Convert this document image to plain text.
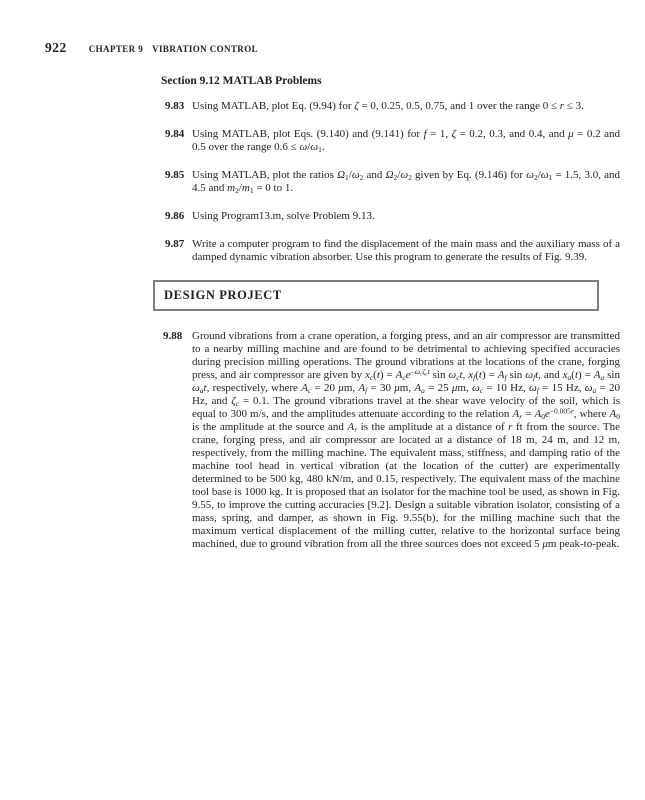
922 CHAPTER 9 VIBRATION CONTROL
Section 9.12 MATLAB Problems
9.83 Using MATLAB, plot Eq. (9.94) for ζ = 0, 0.25, 0.5, 0.75, and 1 over the range 0 ≤ r ≤ 3.
9.84 Using MATLAB, plot Eqs. (9.140) and (9.141) for f = 1, ζ = 0.2, 0.3, and 0.4, and μ = 0.2 and 0.5 over the range $0.6 \le \omega/\omega_1$.
9.85 Using MATLAB, plot the ratios $\Omega_1/\omega_2$ and $\Omega_2/\omega_2$ given by Eq. (9.146) for $\omega_2/\omega_1 = 1.5$, 3.0, and 4.5 and $m_2/m_1 = 0$ to 1.
9.86 Using Program13.m, solve Problem 9.13.
9.87 Write a computer program to find the displacement of the main mass and the auxiliary mass of a damped dynamic vibration absorber. Use this program to generate the results of Fig. 9.39.
DESIGN PROJECT
9.88 Ground vibrations from a crane operation, a forging press, and an air compressor are transmitted to a nearby milling machine and are found to be detrimental to achieving specified accuracies during precision milling operations. The ground vibrations at the locations of the crane, forging press, and air compressor are given by $x_c(t) = A_ce^{-\omega_c\zeta_ct}$ $\sin \omega_ct$, $x_f(t) = A_f$ $\sin \omega_ft$, and $x_a(t) = A_a$ $\sin \omega_at$, respectively, where $A_c = 20$ μm, $A_f = 30$ μm, $A_a = 25$ μm, $\omega_c = 10$ Hz, $\omega_f = 15$ Hz, $\omega_a = 20$ Hz, and $\zeta_c = 0.1$. The ground vibrations travel at the shear wave velocity of the soil, which is equal to 300 m/s, and the amplitudes attenuate according to the relation $A_r = A_0e^{-0.005r}$, where $A_0$ is the amplitude at the source and $A_r$ is the amplitude at a distance of r ft from the source. The crane, forging press, and air compressor are located at a distance of 18 m, 24 m, and 12 m, respectively, from the milling machine. The equivalent mass, stiffness, and damping ratio of the machine tool head in vertical vibration (at the location of the cutter) are experimentally determined to be 500 kg, 480 kN/m, and 0.15, respectively. The equivalent mass of the machine tool base is 1000 kg. It is proposed that an isolator for the machine tool be used, as shown in Fig. 9.55, to improve the cutting accuracies [9.2]. Design a suitable vibration isolator, consisting of a mass, spring, and damper, as shown in Fig. 9.55(b), for the milling machine such that the maximum vertical displacement of the milling cutter, relative to the horizontal surface being machined, due to ground vibration from all the three sources does not exceed 5 μm peak-to-peak.
